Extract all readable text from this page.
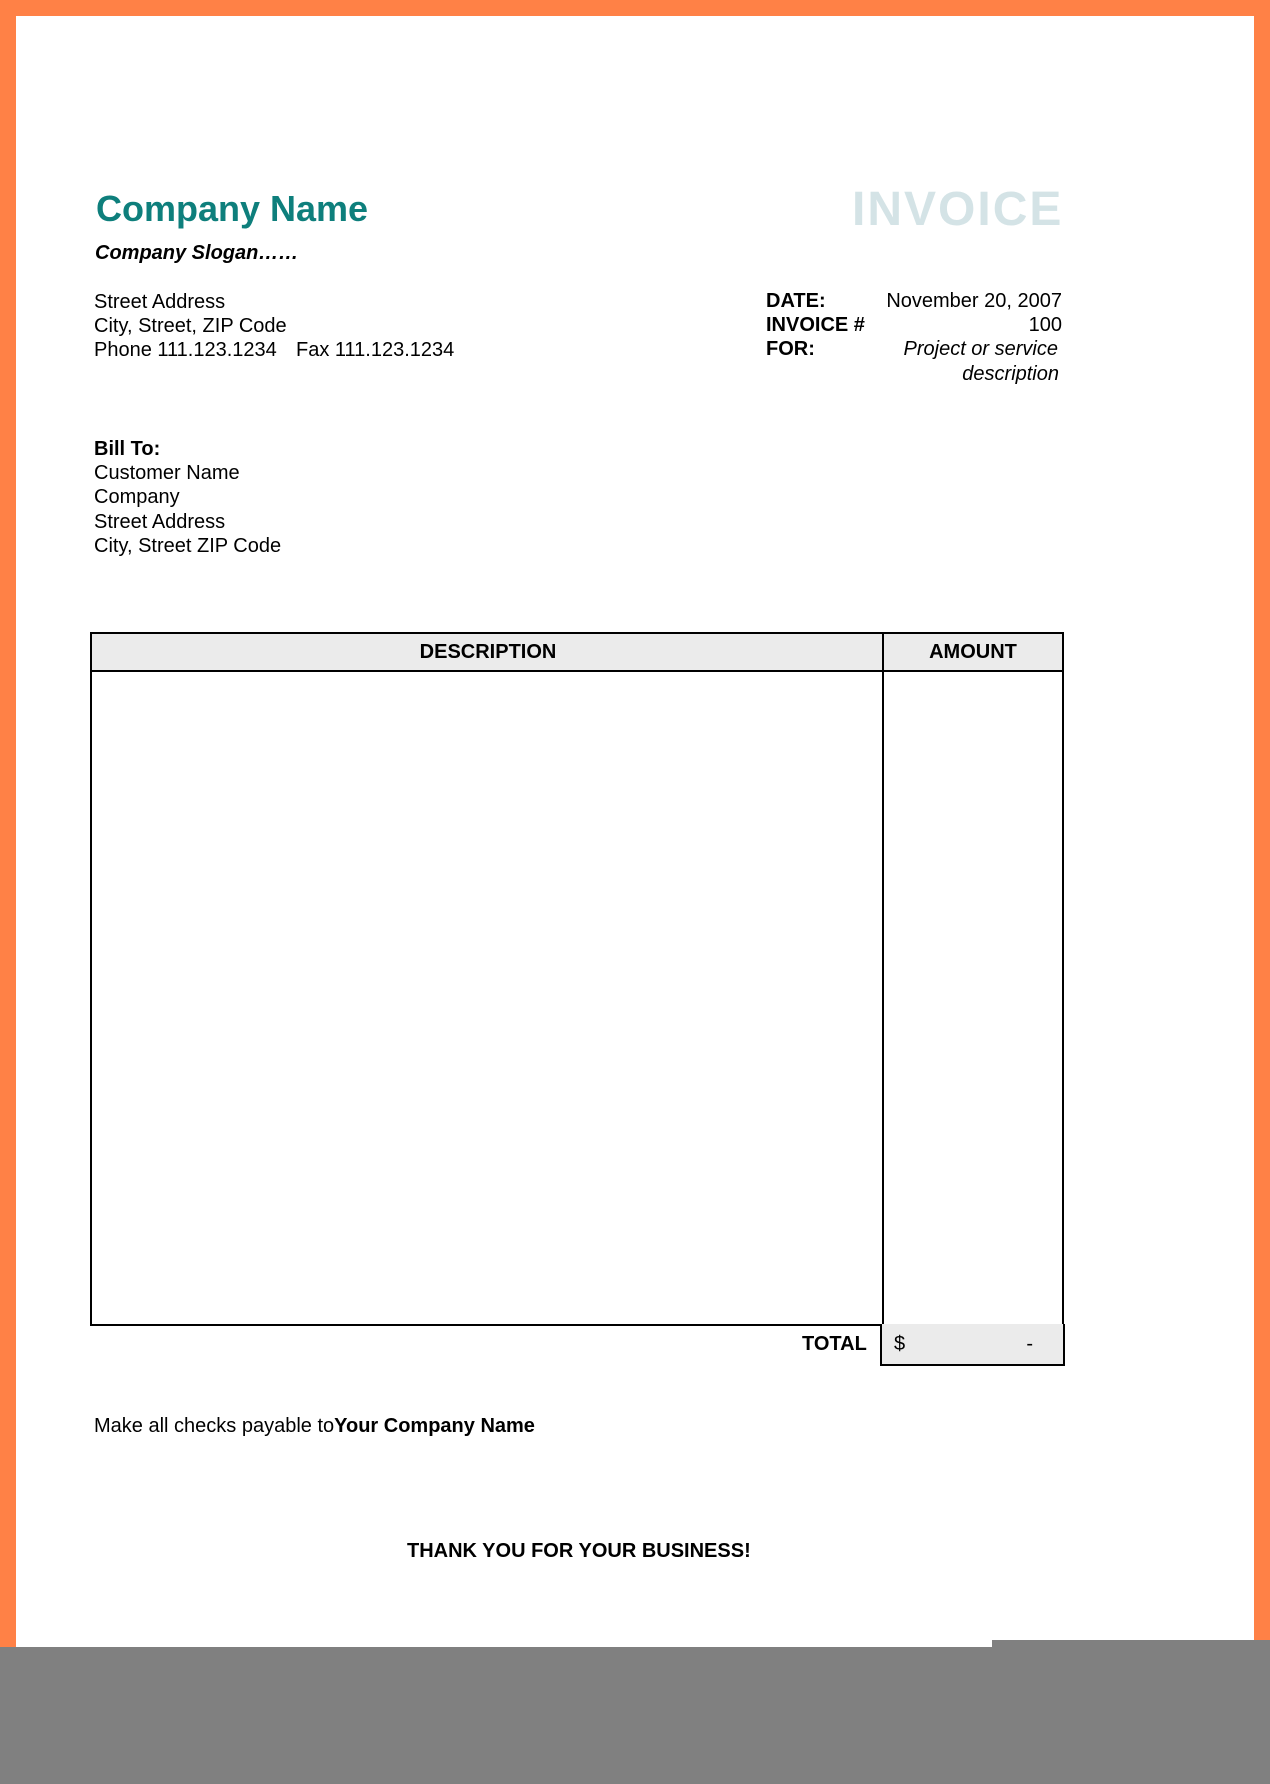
Company Name
Company Slogan……
INVOICE
Street Address
City, Street, ZIP Code
Phone 111.123.1234 Fax 111.123.1234
DATE:	November 20, 2007
INVOICE #	100
FOR:	Project or service
description
Bill To:
Customer Name
Company
Street Address
City, Street ZIP Code
DESCRIPTION	AMOUNT
TOTAL $	-
Make all checks payable toYour Company Name
THANK YOU FOR YOUR BUSINESS!
